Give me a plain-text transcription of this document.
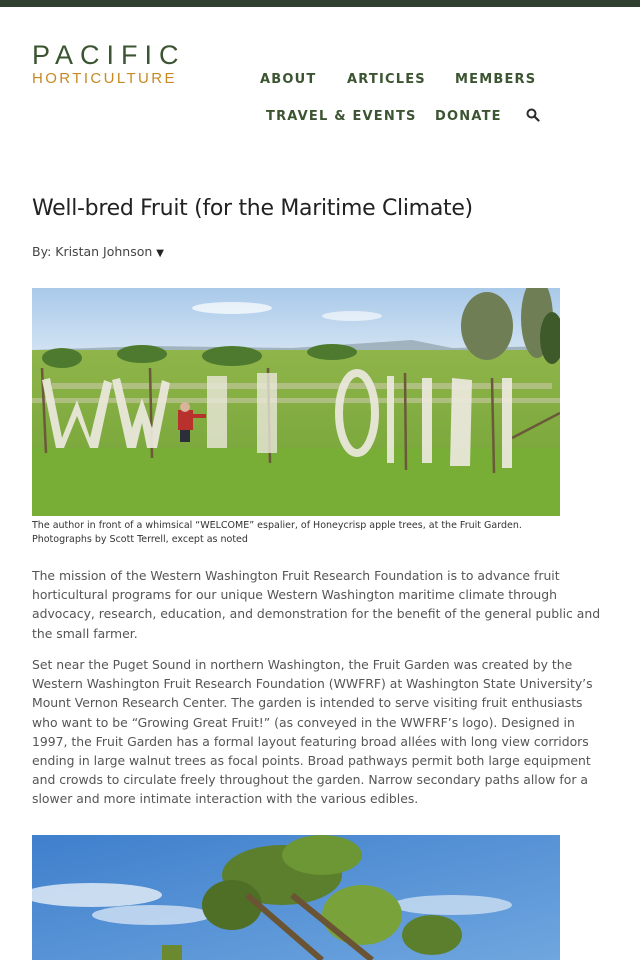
PACIFIC
HORTICULTURE	ABOUT ARTICLES MEMBERS
TRAVEL & EVENTS DONATE
Well-bred Fruit (for the Maritime Climate)
By: Kristan Johnson ▼
The author in front of a whimsical “WELCOME” espalier, of Honeycrisp apple trees, at the Fruit Garden.
Photographs by Scott Terrell, except as noted

The mission of the Western Washington Fruit Research Foundation is to advance fruit horticultural programs for our unique Western Washington maritime climate through advocacy, research, education, and demonstration for the benefit of the general public and the small farmer.

Set near the Puget Sound in northern Washington, the Fruit Garden was created by the Western Washington Fruit Research Foundation (WWFRF) at Washington State University’s Mount Vernon Research Center. The garden is intended to serve visiting fruit enthusiasts who want to be “Growing Great Fruit!” (as conveyed in the WWFRF’s logo). Designed in 1997, the Fruit Garden has a formal layout featuring broad allées with long view corridors ending in large walnut trees as focal points. Broad pathways permit both large equipment and crowds to circulate freely throughout the garden. Narrow secondary paths allow for a slower and more intimate interaction with the various edibles.
